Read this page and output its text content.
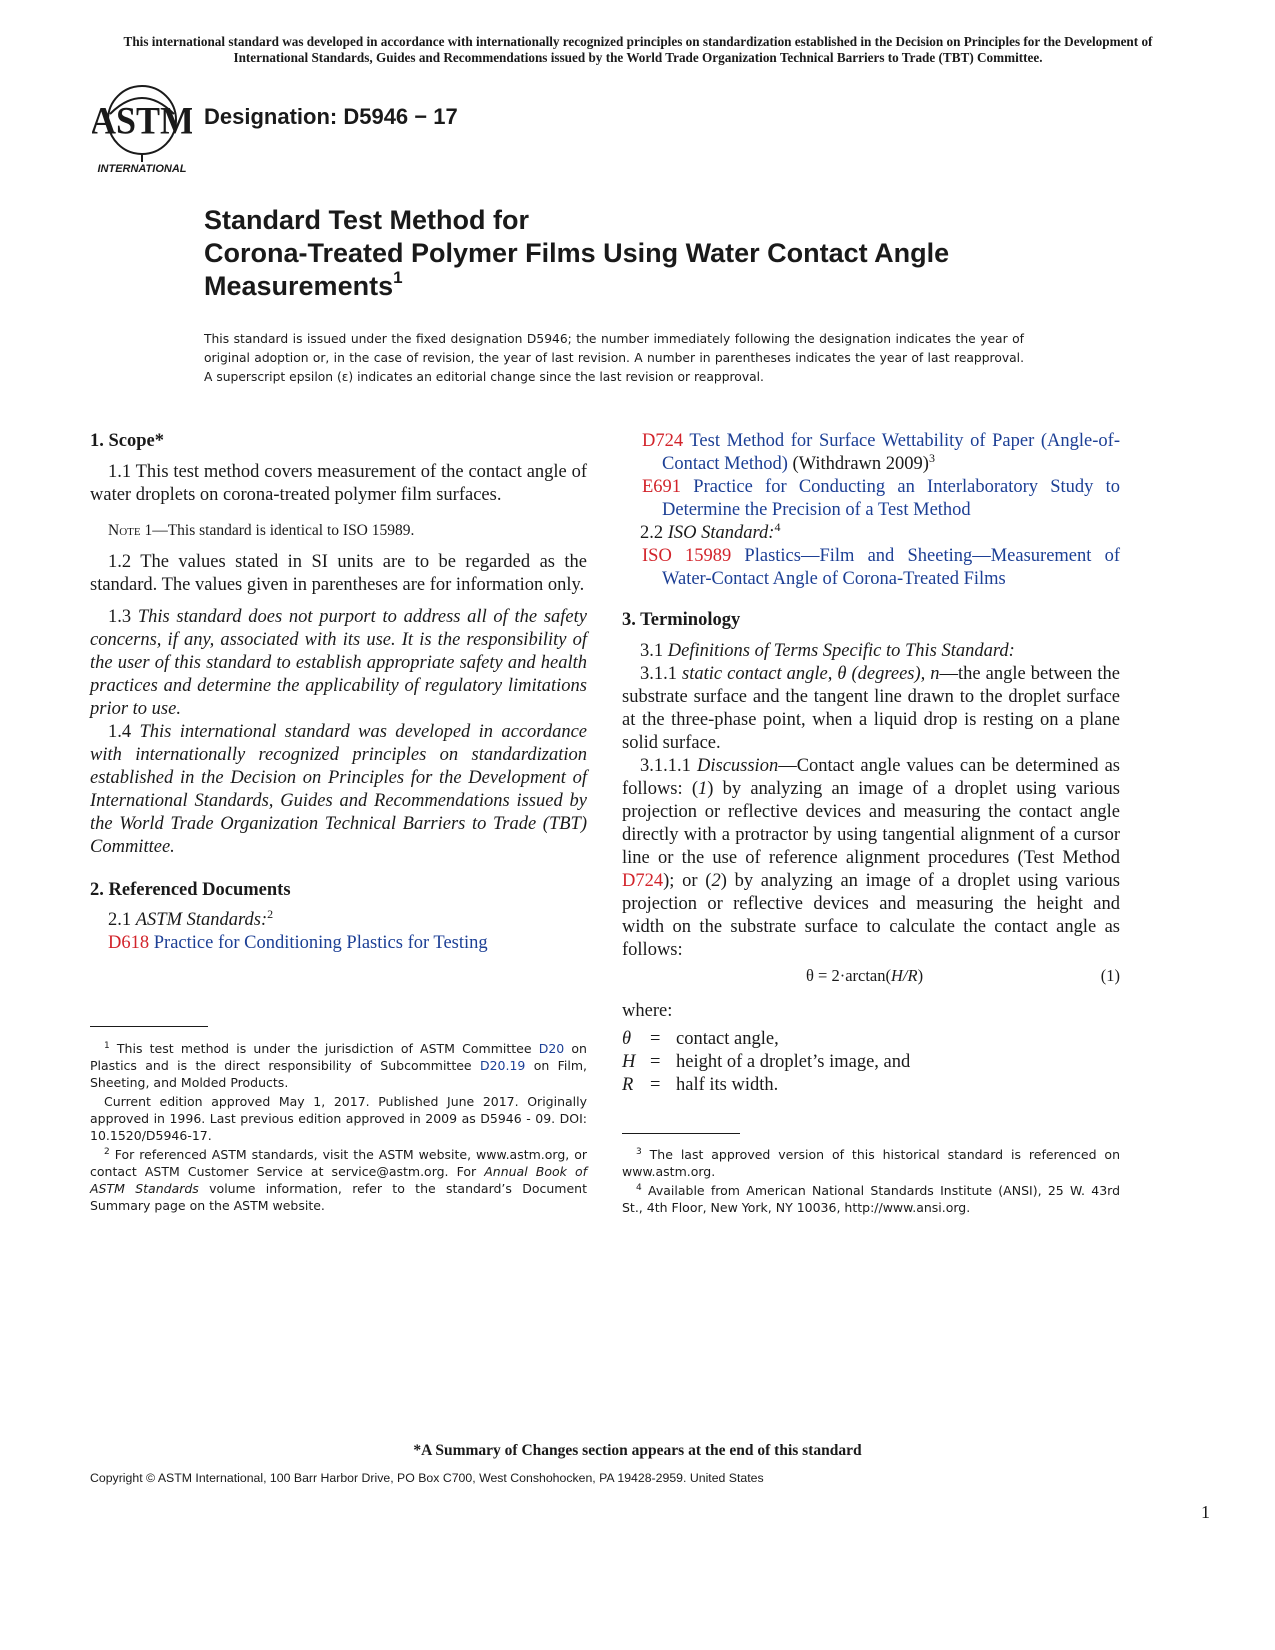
This international standard was developed in accordance with internationally recognized principles on standardization established in the Decision on Principles for the Development of International Standards, Guides and Recommendations issued by the World Trade Organization Technical Barriers to Trade (TBT) Committee.
ASTM
INTERNATIONAL
Designation: D5946 − 17
Standard Test Method for
Corona-Treated Polymer Films Using Water Contact Angle
Measurements$^1$
This standard is issued under the fixed designation D5946; the number immediately following the designation indicates the year of original adoption or, in the case of revision, the year of last revision. A number in parentheses indicates the year of last reapproval. A superscript epsilon (ε) indicates an editorial change since the last revision or reapproval.
1. Scope*
1.1 This test method covers measurement of the contact angle of water droplets on corona-treated polymer film surfaces.
Note 1—This standard is identical to ISO 15989.
1.2 The values stated in SI units are to be regarded as the standard. The values given in parentheses are for information only.
1.3 This standard does not purport to address all of the safety concerns, if any, associated with its use. It is the responsibility of the user of this standard to establish appropriate safety and health practices and determine the applicability of regulatory limitations prior to use.
1.4 This international standard was developed in accordance with internationally recognized principles on standardization established in the Decision on Principles for the Development of International Standards, Guides and Recommendations issued by the World Trade Organization Technical Barriers to Trade (TBT) Committee.
2. Referenced Documents
2.1 ASTM Standards:$^2$
D618 Practice for Conditioning Plastics for Testing
$^1$ This test method is under the jurisdiction of ASTM Committee D20 on Plastics and is the direct responsibility of Subcommittee D20.19 on Film, Sheeting, and Molded Products.
Current edition approved May 1, 2017. Published June 2017. Originally approved in 1996. Last previous edition approved in 2009 as D5946 - 09. DOI: 10.1520/D5946-17.
$^2$ For referenced ASTM standards, visit the ASTM website, www.astm.org, or contact ASTM Customer Service at service@astm.org. For Annual Book of ASTM Standards volume information, refer to the standard’s Document Summary page on the ASTM website.
D724 Test Method for Surface Wettability of Paper (Angle-of-Contact Method) (Withdrawn 2009)$^3$
E691 Practice for Conducting an Interlaboratory Study to Determine the Precision of a Test Method
2.2 ISO Standard:$^4$
ISO 15989 Plastics—Film and Sheeting—Measurement of Water-Contact Angle of Corona-Treated Films
3. Terminology
3.1 Definitions of Terms Specific to This Standard:
3.1.1 static contact angle, θ (degrees), n—the angle between the substrate surface and the tangent line drawn to the droplet surface at the three-phase point, when a liquid drop is resting on a plane solid surface.
3.1.1.1 Discussion—Contact angle values can be determined as follows: (1) by analyzing an image of a droplet using various projection or reflective devices and measuring the contact angle directly with a protractor by using tangential alignment of a cursor line or the use of reference alignment procedures (Test Method D724); or (2) by analyzing an image of a droplet using various projection or reflective devices and measuring the height and width on the substrate surface to calculate the contact angle as follows:
θ = 2·arctan(H/R)	(1)
where:
θ	= contact angle,
H = height of a droplet’s image, and
R = half its width.
$^3$ The last approved version of this historical standard is referenced on www.astm.org.
$^4$ Available from American National Standards Institute (ANSI), 25 W. 43rd St., 4th Floor, New York, NY 10036, http://www.ansi.org.
*A Summary of Changes section appears at the end of this standard
Copyright © ASTM International, 100 Barr Harbor Drive, PO Box C700, West Conshohocken, PA 19428-2959. United States
1
